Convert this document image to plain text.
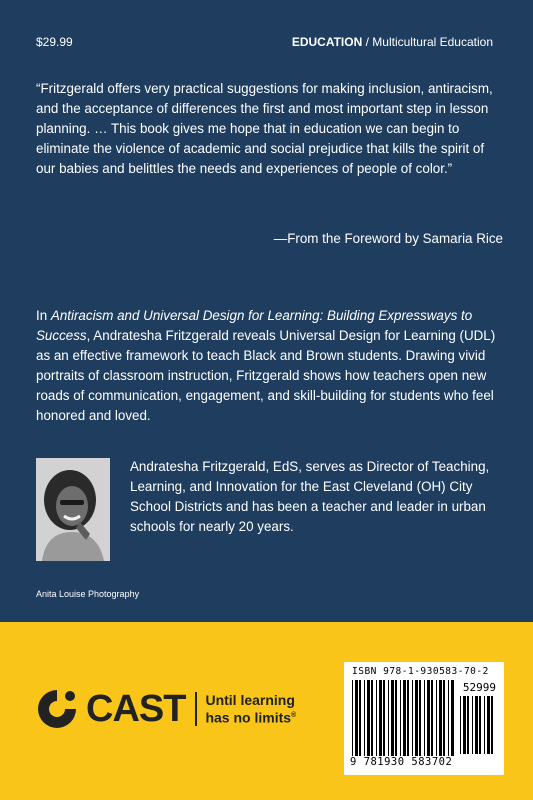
$29.99	EDUCATION / Multicultural Education
“Fritzgerald offers very practical suggestions for making inclusion, antiracism, and the acceptance of differences the first and most important step in lesson planning. … This book gives me hope that in education we can begin to eliminate the violence of academic and social prejudice that kills the spirit of our babies and belittles the needs and experiences of people of color.”
—From the Foreword by Samaria Rice
In Antiracism and Universal Design for Learning: Building Expressways to Success, Andratesha Fritzgerald reveals Universal Design for Learning (UDL) as an effective framework to teach Black and Brown students. Drawing vivid portraits of classroom instruction, Fritzgerald shows how teachers open new roads of communication, engagement, and skill-building for students who feel honored and loved.
Andratesha Fritzgerald, EdS, serves as Director of Teaching, Learning, and Innovation for the East Cleveland (OH) City School Districts and has been a teacher and leader in urban schools for nearly 20 years.
Anita Louise Photography
CAST Until learning
has no limits®
ISBN 978-1-930583-70-2
52999
9 781930 583702
